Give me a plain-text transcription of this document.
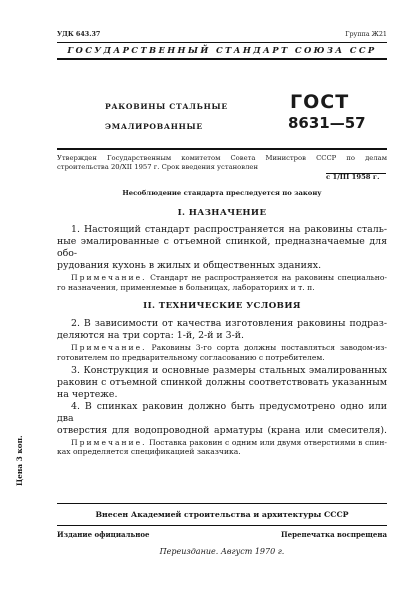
УДК 643.37	Группа Ж21
ГОСУДАРСТВЕННЫЙ СТАНДАРТ СОЮЗА ССР
РАКОВИНЫ СТАЛЬНЫЕ
ЭМАЛИРОВАННЫЕ
ГОСТ
8631—57
Утвержден Государственным комитетом Совета Министров СССР по делам
строительства 20/XII 1957 г. Срок введения установлен
с 1/III 1958 г.
Несоблюдение стандарта преследуется по закону
I. НАЗНАЧЕНИЕ
1. Настоящий стандарт распространяется на раковины сталь-
ные эмалированные с отъемной спинкой, предназначаемые для обо-
рудования кухонь в жилых и общественных зданиях.
Примечание. Стандарт не распространяется на раковины специально-
го назначения, применяемые в больницах, лабораториях и т. п.
II. ТЕХНИЧЕСКИЕ УСЛОВИЯ
2. В зависимости от качества изготовления раковины подраз-
деляются на три сорта: 1-й, 2-й и 3-й.
Примечание. Раковины 3-го сорта должны поставляться заводом-из-
готовителем по предварительному согласованию с потребителем.
3. Конструкция и основные размеры стальных эмалированных
раковин с отъемной спинкой должны соответствовать указанным
на чертеже.
4. В спинках раковин должно быть предусмотрено одно или два
отверстия для водопроводной арматуры (крана или смесителя).
Примечание. Поставка раковин с одним или двумя отверстиями в спин-
ках определяется спецификацией заказчика.
Цена 3 коп.
Внесен Академией строительства и архитектуры СССР
Издание официальное	Перепечатка воспрещена
Переиздание. Август 1970 г.
